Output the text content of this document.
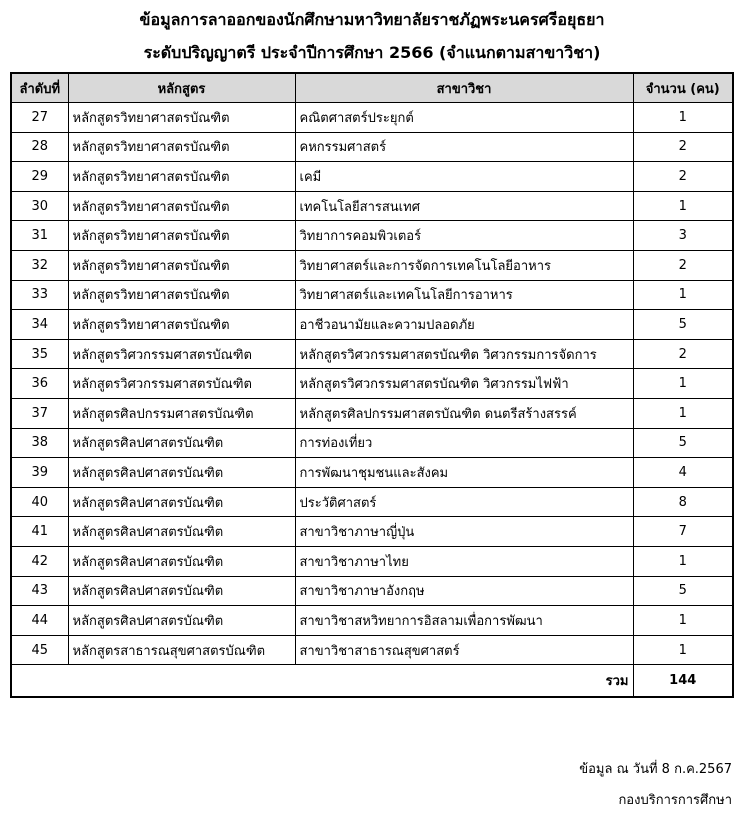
ข้อมูลการลาออกของนักศึกษามหาวิทยาลัยราชภัฏพระนครศรีอยุธยา
ระดับปริญญาตรี ประจำปีการศึกษา 2566 (จำแนกตามสาขาวิชา)
ลำดับที่	หลักสูตร	สาขาวิชา	จำนวน (คน)
27	หลักสูตรวิทยาศาสตรบัณฑิต	คณิตศาสตร์ประยุกต์	1
28	หลักสูตรวิทยาศาสตรบัณฑิต	คหกรรมศาสตร์	2
29	หลักสูตรวิทยาศาสตรบัณฑิต	เคมี	2
30	หลักสูตรวิทยาศาสตรบัณฑิต	เทคโนโลยีสารสนเทศ	1
31	หลักสูตรวิทยาศาสตรบัณฑิต	วิทยาการคอมพิวเตอร์	3
32	หลักสูตรวิทยาศาสตรบัณฑิต	วิทยาศาสตร์และการจัดการเทคโนโลยีอาหาร	2
33	หลักสูตรวิทยาศาสตรบัณฑิต	วิทยาศาสตร์และเทคโนโลยีการอาหาร	1
34	หลักสูตรวิทยาศาสตรบัณฑิต	อาชีวอนามัยและความปลอดภัย	5
35	หลักสูตรวิศวกรรมศาสตรบัณฑิต	หลักสูตรวิศวกรรมศาสตรบัณฑิต วิศวกรรมการจัดการ	2
36	หลักสูตรวิศวกรรมศาสตรบัณฑิต	หลักสูตรวิศวกรรมศาสตรบัณฑิต วิศวกรรมไฟฟ้า	1
37	หลักสูตรศิลปกรรมศาสตรบัณฑิต	หลักสูตรศิลปกรรมศาสตรบัณฑิต ดนตรีสร้างสรรค์	1
38	หลักสูตรศิลปศาสตรบัณฑิต	การท่องเที่ยว	5
39	หลักสูตรศิลปศาสตรบัณฑิต	การพัฒนาชุมชนและสังคม	4
40	หลักสูตรศิลปศาสตรบัณฑิต	ประวัติศาสตร์	8
41	หลักสูตรศิลปศาสตรบัณฑิต	สาขาวิชาภาษาญี่ปุ่น	7
42	หลักสูตรศิลปศาสตรบัณฑิต	สาขาวิชาภาษาไทย	1
43	หลักสูตรศิลปศาสตรบัณฑิต	สาขาวิชาภาษาอังกฤษ	5
44	หลักสูตรศิลปศาสตรบัณฑิต	สาขาวิชาสหวิทยาการอิสลามเพื่อการพัฒนา	1
45	หลักสูตรสาธารณสุขศาสตรบัณฑิต	สาขาวิชาสาธารณสุขศาสตร์	1
รวม			144
ข้อมูล ณ วันที่ 8 ก.ค.2567
กองบริการการศึกษา
